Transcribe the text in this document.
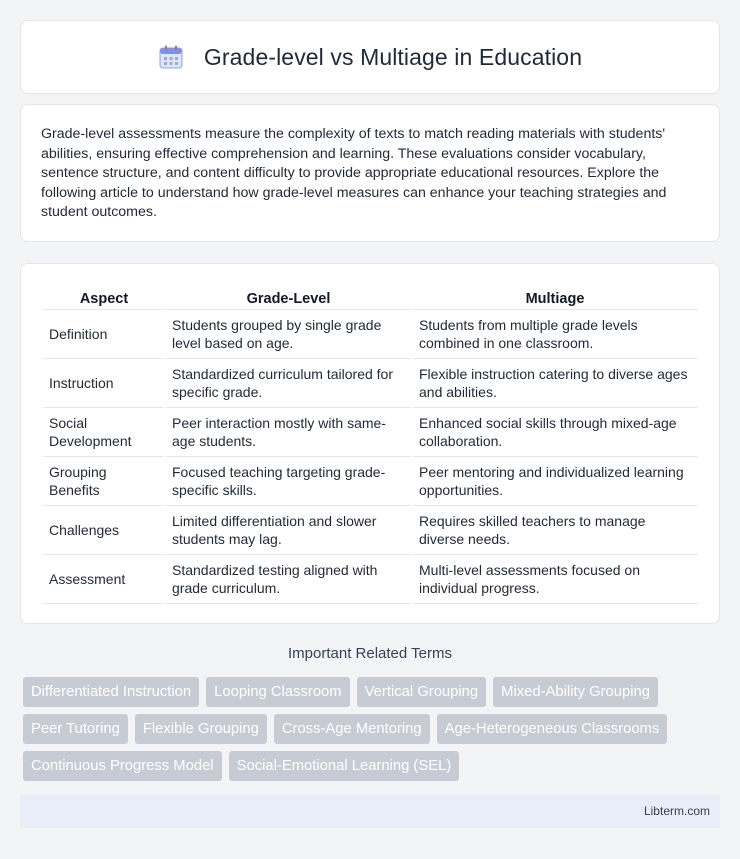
Grade-level vs Multiage in Education

Grade-level assessments measure the complexity of texts to match reading materials with students' abilities, ensuring effective comprehension and learning. These evaluations consider vocabulary, sentence structure, and content difficulty to provide appropriate educational resources. Explore the following article to understand how grade-level measures can enhance your teaching strategies and student outcomes.

Aspect	Grade-Level	Multiage
Definition	Students grouped by single grade level based on age.	Students from multiple grade levels combined in one classroom.
Instruction	Standardized curriculum tailored for specific grade.	Flexible instruction catering to diverse ages and abilities.
Social Development	Peer interaction mostly with same-age students.	Enhanced social skills through mixed-age collaboration.
Grouping Benefits	Focused teaching targeting grade-specific skills.	Peer mentoring and individualized learning opportunities.
Challenges	Limited differentiation and slower students may lag.	Requires skilled teachers to manage diverse needs.
Assessment	Standardized testing aligned with grade curriculum.	Multi-level assessments focused on individual progress.
Important Related Terms
Differentiated Instruction	Looping Classroom	Vertical Grouping	Mixed-Ability Grouping
Peer Tutoring	Flexible Grouping	Cross-Age Mentoring	Age-Heterogeneous Classrooms
Continuous Progress Model	Social-Emotional Learning (SEL)
Libterm.com
